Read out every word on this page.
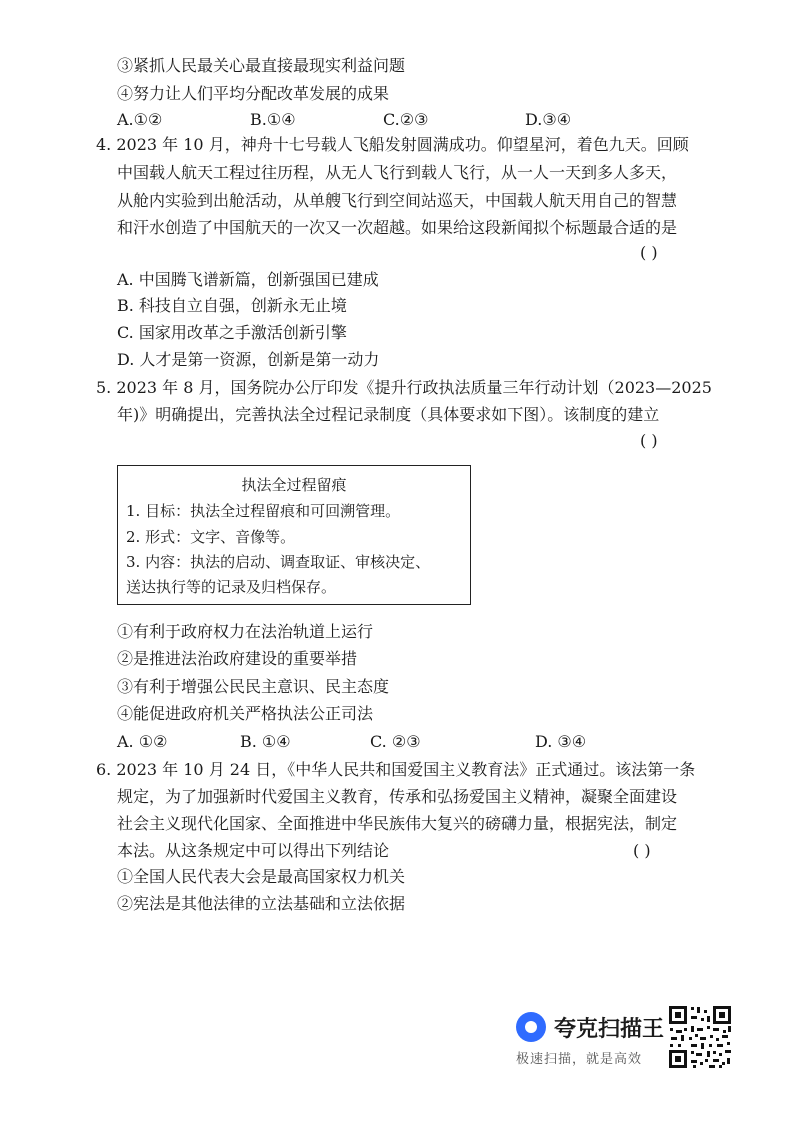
③紧抓人民最关心最直接最现实利益问题
④努力让人们平均分配改革发展的成果
A.①②	B.①④	C.②③	D.③④
4. 2023 年 10 月，神舟十七号载人飞船发射圆满成功。仰望星河，着色九天。回顾
中国载人航天工程过往历程，从无人飞行到载人飞行，从一人一天到多人多天，
从舱内实验到出舱活动，从单艘飞行到空间站巡天，中国载人航天用自己的智慧
和汗水创造了中国航天的一次又一次超越。如果给这段新闻拟个标题最合适的是
( )
A. 中国腾飞谱新篇，创新强国已建成
B. 科技自立自强，创新永无止境
C. 国家用改革之手激活创新引擎
D. 人才是第一资源，创新是第一动力
5. 2023 年 8 月，国务院办公厅印发《提升行政执法质量三年行动计划（2023—2025
年)》明确提出，完善执法全过程记录制度（具体要求如下图）。该制度的建立
( )
执法全过程留痕
1. 目标：执法全过程留痕和可回溯管理。
2. 形式：文字、音像等。
3. 内容：执法的启动、调查取证、审核决定、
送达执行等的记录及归档保存。
①有利于政府权力在法治轨道上运行
②是推进法治政府建设的重要举措
③有利于增强公民民主意识、民主态度
④能促进政府机关严格执法公正司法
A. ①②	B. ①④	C. ②③	D. ③④
6. 2023 年 10 月 24 日，《中华人民共和国爱国主义教育法》正式通过。该法第一条
规定，为了加强新时代爱国主义教育，传承和弘扬爱国主义精神，凝聚全面建设
社会主义现代化国家、全面推进中华民族伟大复兴的磅礴力量，根据宪法，制定
本法。从这条规定中可以得出下列结论	( )
①全国人民代表大会是最高国家权力机关
②宪法是其他法律的立法基础和立法依据
夸克扫描王
极速扫描，就是高效
